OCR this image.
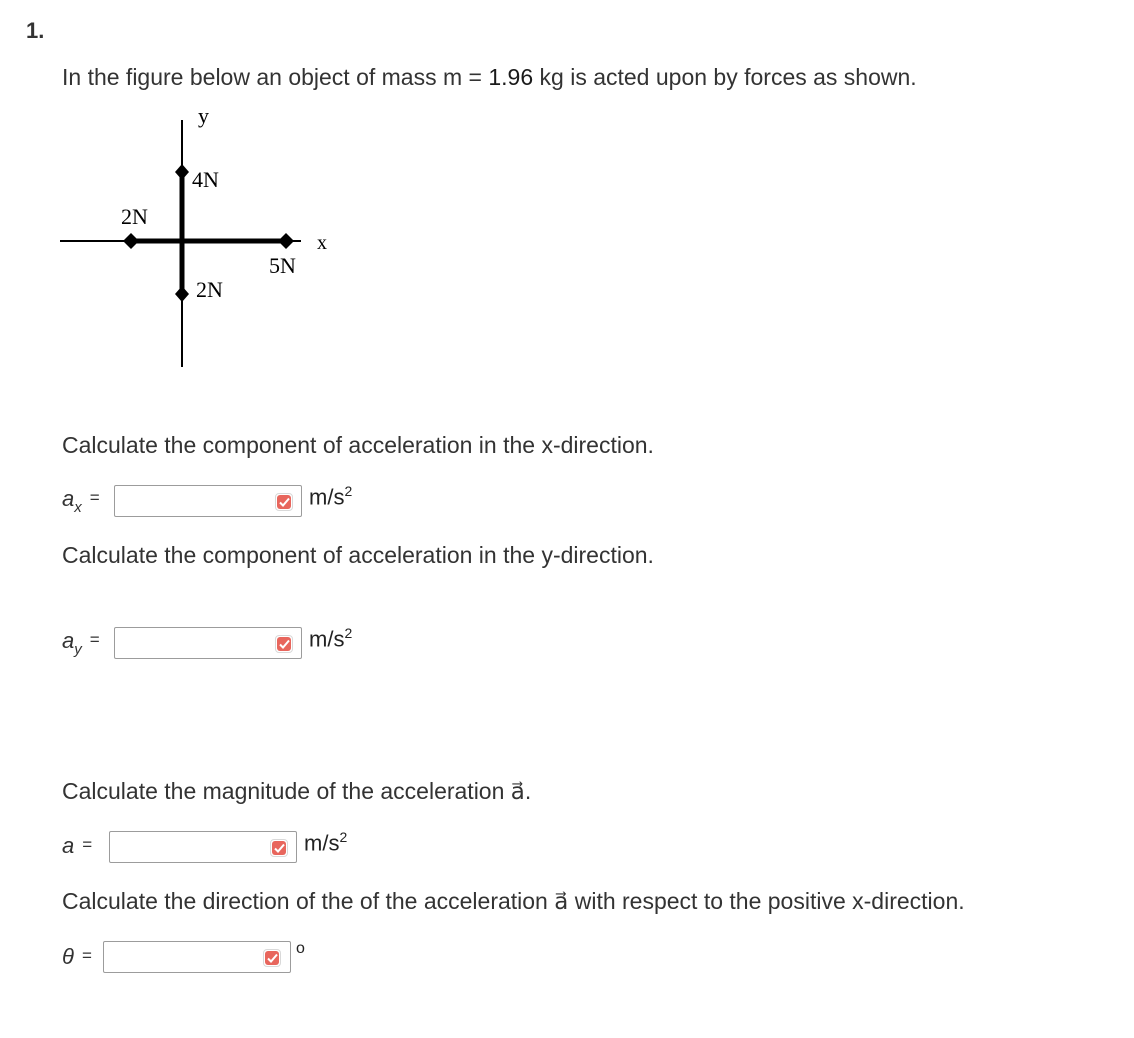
1.
In the figure below an object of mass m = 1.96 kg is acted upon by forces as shown.
y
x
4N
2N
5N
2N
Calculate the component of acceleration in the x-direction.
$a_x=$	$m/s^2$
Calculate the component of acceleration in the y-direction.
$a_y=$	$m/s^2$
Calculate the magnitude of the acceleration a⃗.
a =	$m/s^2$
Calculate the direction of the of the acceleration a⃗ with respect to the positive x-direction.
θ =	o
